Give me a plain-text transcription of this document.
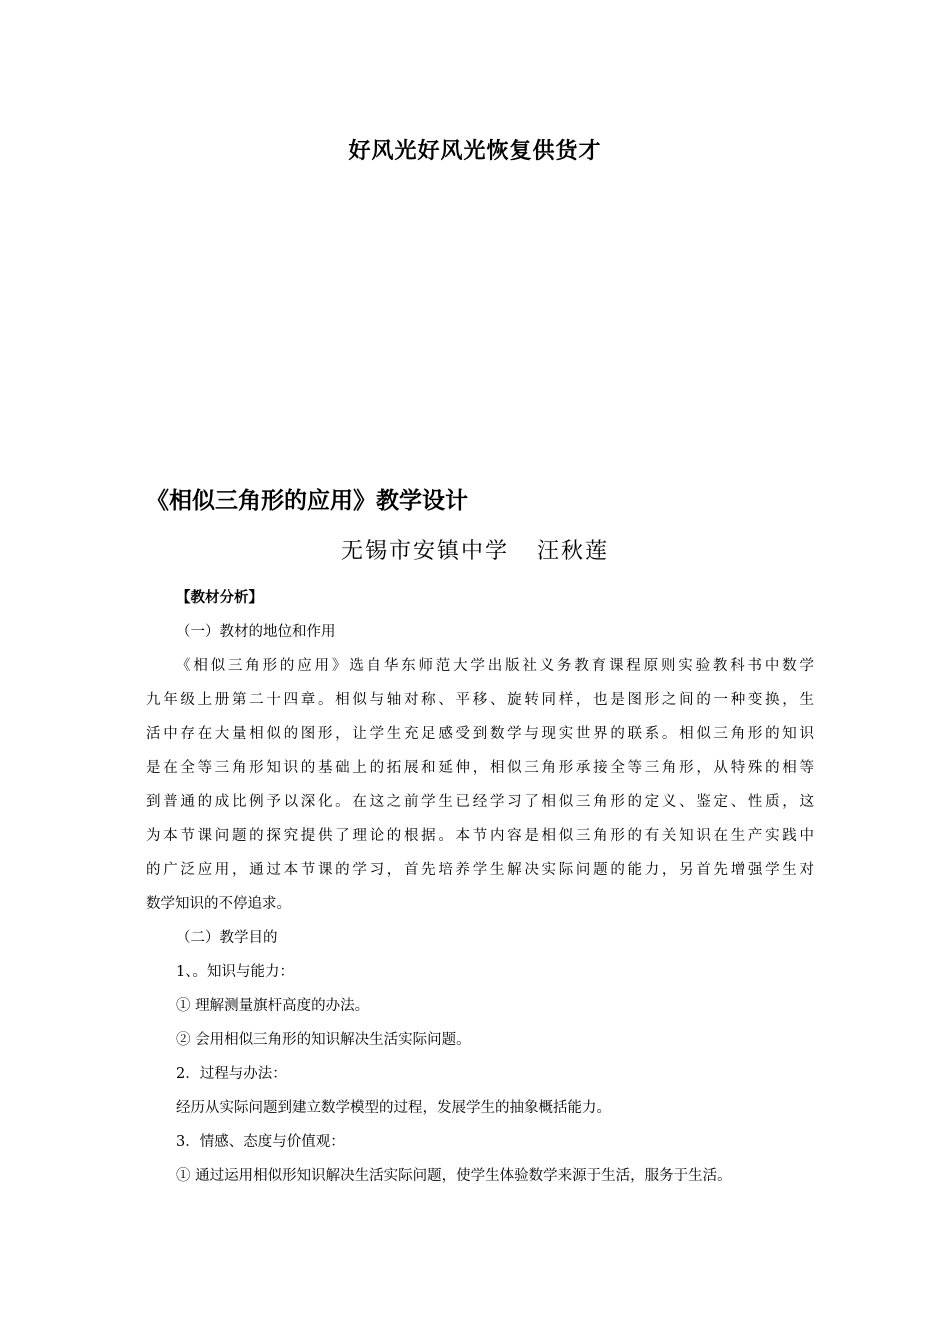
好风光好风光恢复供货才
《相似三角形的应用》教学设计
无锡市安镇中学 汪秋莲
【教材分析】
（一）教材的地位和作用
《相似三角形的应用》选自华东师范大学出版社义务教育课程原则实验教科书中数学
九年级上册第二十四章。相似与轴对称、平移、旋转同样，也是图形之间的一种变换，生
活中存在大量相似的图形，让学生充足感受到数学与现实世界的联系。相似三角形的知识
是在全等三角形知识的基础上的拓展和延伸，相似三角形承接全等三角形，从特殊的相等
到普通的成比例予以深化。在这之前学生已经学习了相似三角形的定义、鉴定、性质，这
为本节课问题的探究提供了理论的根据。本节内容是相似三角形的有关知识在生产实践中
的广泛应用，通过本节课的学习，首先培养学生解决实际问题的能力，另首先增强学生对
数学知识的不停追求。
（二）教学目的
1、。知识与能力：
① 理解测量旗杆高度的办法。
② 会用相似三角形的知识解决生活实际问题。
2．过程与办法：
经历从实际问题到建立数学模型的过程，发展学生的抽象概括能力。
3．情感、态度与价值观：
① 通过运用相似形知识解决生活实际问题，使学生体验数学来源于生活，服务于生活。
